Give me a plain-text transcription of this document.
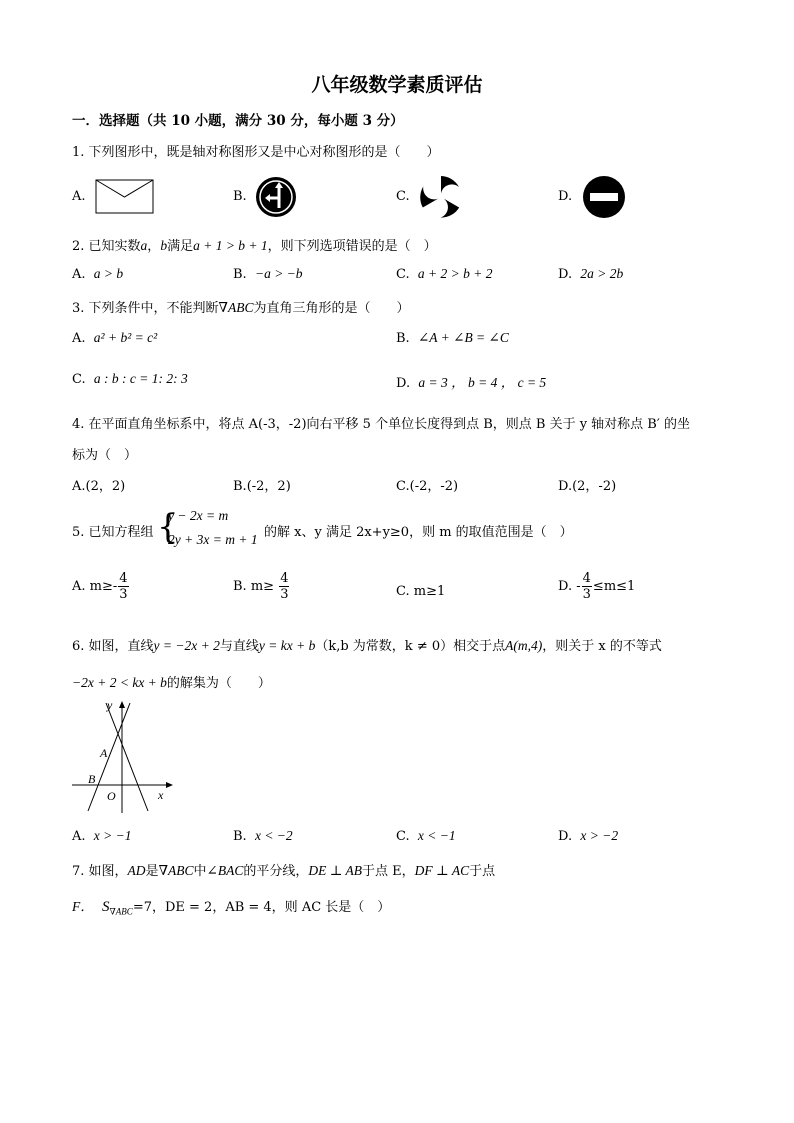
八年级数学素质评估
一．选择题（共 10 小题，满分 30 分，每小题 3 分）
1. 下列图形中，既是轴对称图形又是中心对称图形的是（　　）
A.	B.	C.	D.
2. 已知实数a，b满足a + 1 > b + 1，则下列选项错误的是（　）
A. a > b	B. −a > −b	C. a + 2 > b + 2	D. 2a > 2b
3. 下列条件中，不能判断∇ABC为直角三角形的是（　　）
A. a² + b² = c²	B. ∠A + ∠B = ∠C
C. a : b : c = 1: 2: 3	D. a = 3 ， b = 4 ， c = 5
4. 在平面直角坐标系中，将点 A(-3，-2)向右平移 5 个单位长度得到点 B，则点 B 关于 y 轴对称点 B′ 的坐
标为（　）
A.(2，2)	B.(-2，2)	C.(-2，-2)	D.(2，-2)
5. 已知方程组 {
y − 2x = m
2y + 3x = m + 1 的解 x、y 满足 2x+y≥0，则 m 的取值范围是（　）
A. $m\ge- \frac{4}{3}$	B. $m\ge \frac{4}{3}$	C. m≥1	D. - $\frac{4}{3} \le m\le 1$
6. 如图，直线y = −2x + 2与直线y = kx + b（k,b 为常数，k ≠ 0）相交于点A(m,4)，则关于 x 的不等式
−2x + 2 < kx + b的解集为（　　）
y
x
O
A
B
A. x > −1	B. x < −2	C. x < −1	D. x > −2
7. 如图，AD是∇ABC中∠BAC的平分线，DE ⊥ AB于点 E，DF ⊥ AC于点
F． $S_{\nabla ABC}=7$，DE = 2，AB = 4，则 AC 长是（　）
